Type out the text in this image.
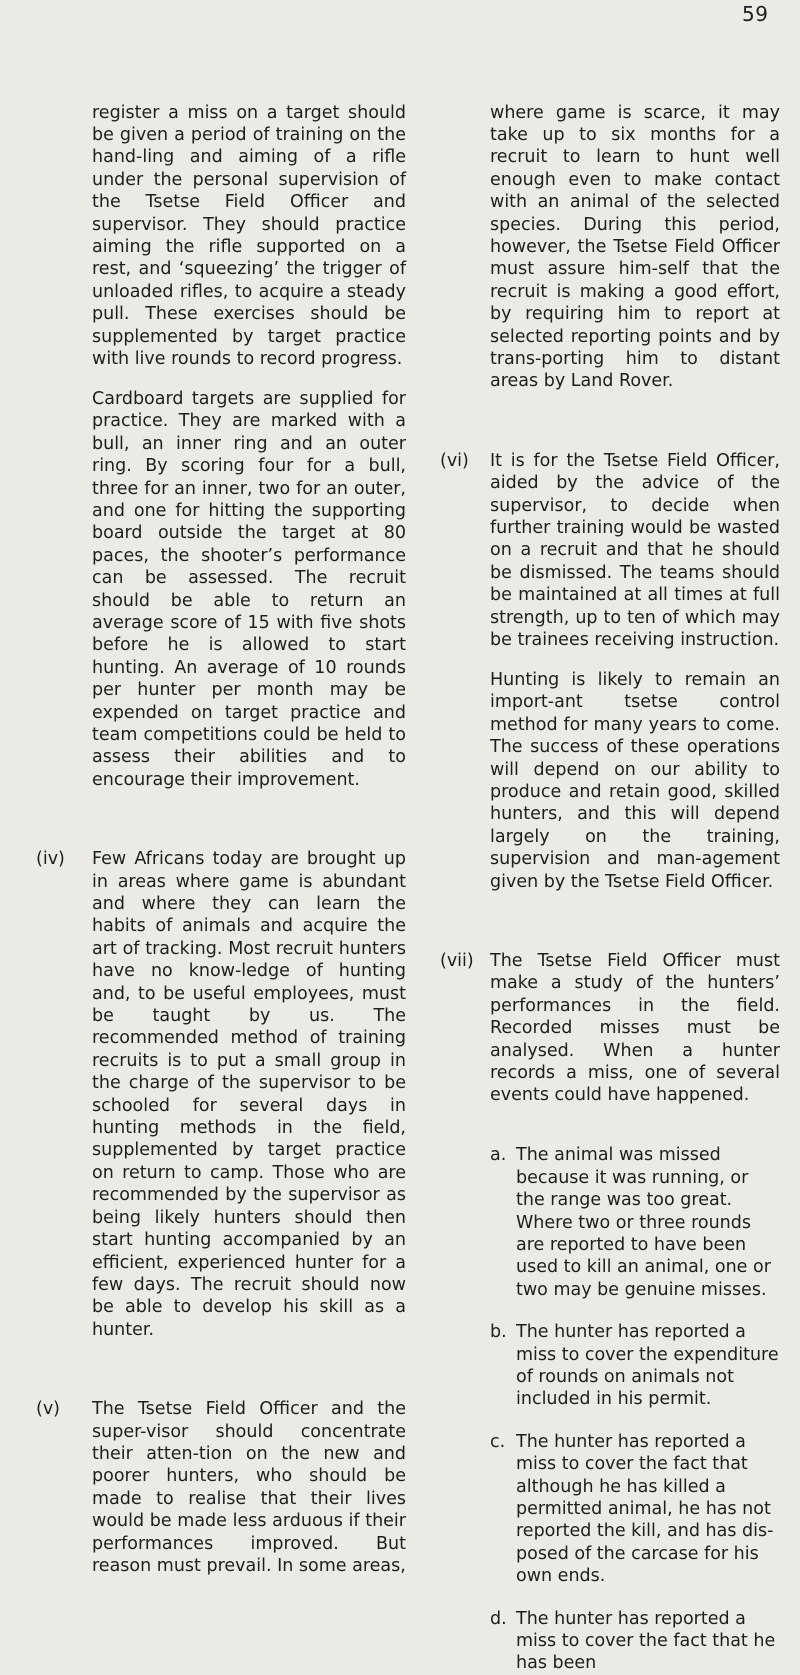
59

register a miss on a target should be given a period of training on the hand-ling and aiming of a rifle under the personal supervision of the Tsetse Field Officer and supervisor. They should practice aiming the rifle supported on a rest, and ‘squeezing’ the trigger of unloaded rifles, to acquire a steady pull. These exercises should be supplemented by target practice with live rounds to record progress.

Cardboard targets are supplied for practice. They are marked with a bull, an inner ring and an outer ring. By scoring four for a bull, three for an inner, two for an outer, and one for hitting the supporting board outside the target at 80 paces, the shooter’s performance can be assessed. The recruit should be able to return an average score of 15 with five shots before he is allowed to start hunting. An average of 10 rounds per hunter per month may be expended on target practice and team competitions could be held to assess their abilities and to encourage their improvement.

(iv) Few Africans today are brought up in areas where game is abundant and where they can learn the habits of animals and acquire the art of tracking. Most recruit hunters have no know-ledge of hunting and, to be useful employees, must be taught by us. The recommended method of training recruits is to put a small group in the charge of the supervisor to be schooled for several days in hunting methods in the field, supplemented by target practice on return to camp. Those who are recommended by the supervisor as being likely hunters should then start hunting accompanied by an efficient, experienced hunter for a few days. The recruit should now be able to develop his skill as a hunter.

(v) The Tsetse Field Officer and the super-visor should concentrate their atten-tion on the new and poorer hunters, who should be made to realise that their lives would be made less arduous if their performances improved. But reason must prevail. In some areas,

where game is scarce, it may take up to six months for a recruit to learn to hunt well enough even to make contact with an animal of the selected species. During this period, however, the Tsetse Field Officer must assure him-self that the recruit is making a good effort, by requiring him to report at selected reporting points and by trans-porting him to distant areas by Land Rover.

(vi) It is for the Tsetse Field Officer, aided by the advice of the supervisor, to decide when further training would be wasted on a recruit and that he should be dismissed. The teams should be maintained at all times at full strength, up to ten of which may be trainees receiving instruction.

Hunting is likely to remain an import-ant tsetse control method for many years to come. The success of these operations will depend on our ability to produce and retain good, skilled hunters, and this will depend largely on the training, supervision and man-agement given by the Tsetse Field Officer.

(vii) The Tsetse Field Officer must make a study of the hunters’ performances in the field. Recorded misses must be analysed. When a hunter records a miss, one of several events could have happened.

a. The animal was missed because it was running, or the range was too great. Where two or three rounds are reported to have been used to kill an animal, one or two may be genuine misses.
b. The hunter has reported a miss to cover the expenditure of rounds on animals not included in his permit.
c. The hunter has reported a miss to cover the fact that although he has killed a permitted animal, he has not reported the kill, and has dis-posed of the carcase for his own ends.
d. The hunter has reported a miss to cover the fact that he has been
